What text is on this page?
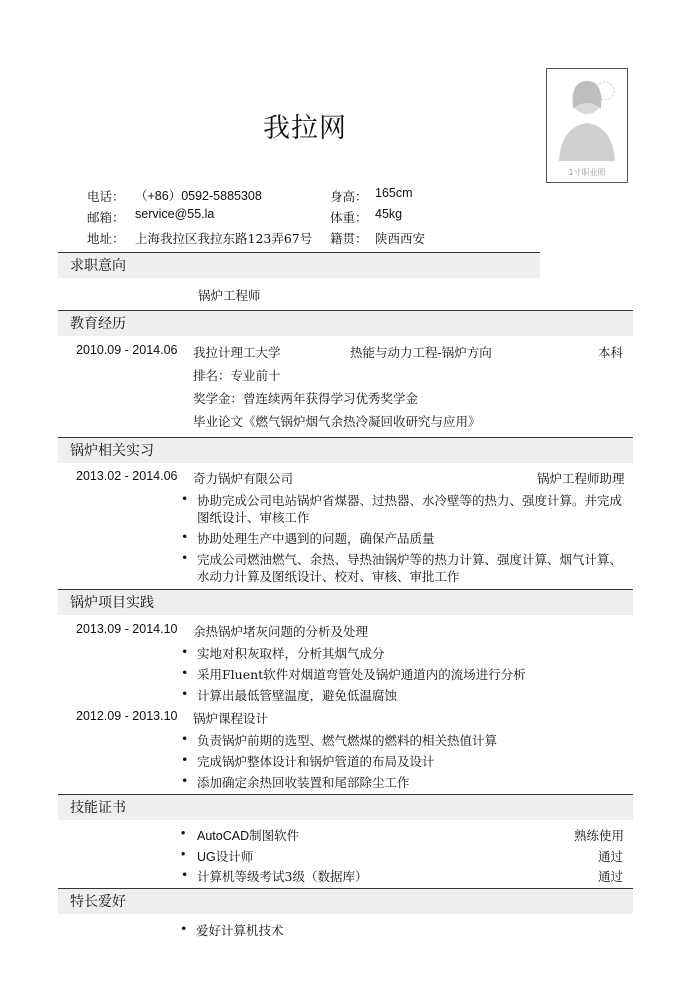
我拉网
1寸职业照
电话： （+86）0592-5885308
邮箱： service@55.la
地址： 上海我拉区我拉东路123弄67号
身高： 165cm
体重： 45kg
籍贯： 陕西西安
求职意向
锅炉工程师
教育经历
2010.09 - 2014.06 我拉计理工大学	热能与动力工程-锅炉方向	本科
排名：专业前十
奖学金：曾连续两年获得学习优秀奖学金
毕业论文《燃气锅炉烟气余热冷凝回收研究与应用》
锅炉相关实习
2013.02 - 2014.06 奇力锅炉有限公司	锅炉工程师助理
• 协助完成公司电站锅炉省煤器、过热器、水冷壁等的热力、强度计算。并完成
图纸设计、审核工作
• 协助处理生产中遇到的问题，确保产品质量
• 完成公司燃油燃气、余热、导热油锅炉等的热力计算、强度计算、烟气计算、
水动力计算及图纸设计、校对、审核、审批工作
锅炉项目实践
2013.09 - 2014.10 余热锅炉堵灰问题的分析及处理
• 实地对积灰取样，分析其烟气成分
• 采用Fluent软件对烟道弯管处及锅炉通道内的流场进行分析
• 计算出最低管壁温度，避免低温腐蚀
2012.09 - 2013.10 锅炉课程设计
• 负责锅炉前期的选型、燃气燃煤的燃料的相关热值计算
• 完成锅炉整体设计和锅炉管道的布局及设计
• 添加确定余热回收装置和尾部除尘工作
技能证书
• AutoCAD制图软件	熟练使用
• UG设计师	通过
• 计算机等级考试3级（数据库）	通过
特长爱好
• 爱好计算机技术
